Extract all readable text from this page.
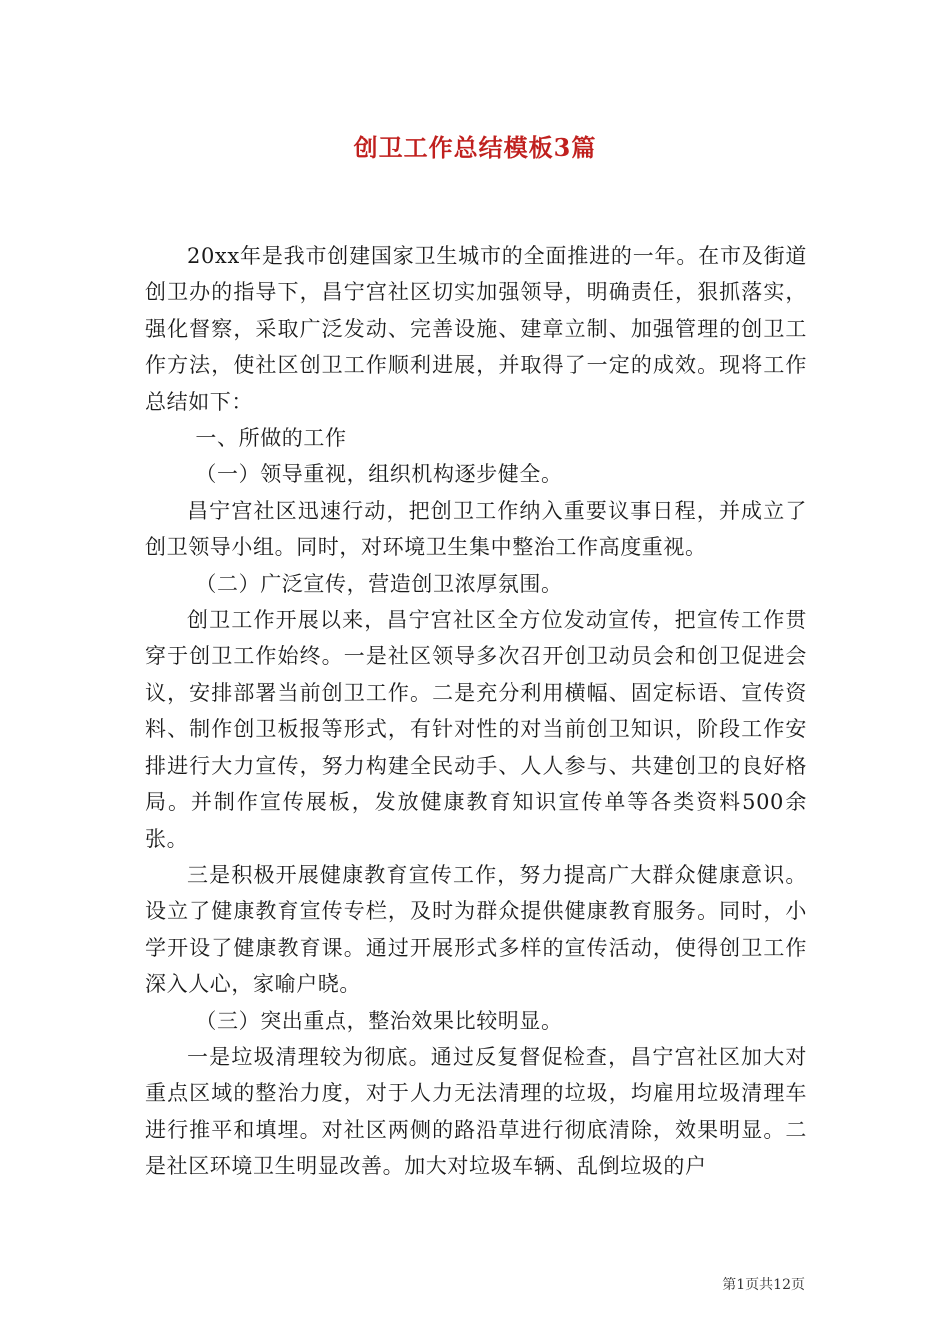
创卫工作总结模板3篇

20xx年是我市创建国家卫生城市的全面推进的一年。在市及街道创卫办的指导下，昌宁宫社区切实加强领导，明确责任，狠抓落实，强化督察，采取广泛发动、完善设施、建章立制、加强管理的创卫工作方法，使社区创卫工作顺利进展，并取得了一定的成效。现将工作总结如下：

一、所做的工作

（一）领导重视，组织机构逐步健全。

昌宁宫社区迅速行动，把创卫工作纳入重要议事日程，并成立了创卫领导小组。同时，对环境卫生集中整治工作高度重视。

（二）广泛宣传，营造创卫浓厚氛围。

创卫工作开展以来，昌宁宫社区全方位发动宣传，把宣传工作贯穿于创卫工作始终。一是社区领导多次召开创卫动员会和创卫促进会议，安排部署当前创卫工作。二是充分利用横幅、固定标语、宣传资料、制作创卫板报等形式，有针对性的对当前创卫知识，阶段工作安排进行大力宣传，努力构建全民动手、人人参与、共建创卫的良好格局。并制作宣传展板，发放健康教育知识宣传单等各类资料500余张。

三是积极开展健康教育宣传工作，努力提高广大群众健康意识。设立了健康教育宣传专栏，及时为群众提供健康教育服务。同时，小学开设了健康教育课。通过开展形式多样的宣传活动，使得创卫工作深入人心，家喻户晓。

（三）突出重点，整治效果比较明显。

一是垃圾清理较为彻底。通过反复督促检查，昌宁宫社区加大对重点区域的整治力度，对于人力无法清理的垃圾，均雇用垃圾清理车进行推平和填埋。对社区两侧的路沿草进行彻底清除，效果明显。二是社区环境卫生明显改善。加大对垃圾车辆、乱倒垃圾的户

第1页共12页
